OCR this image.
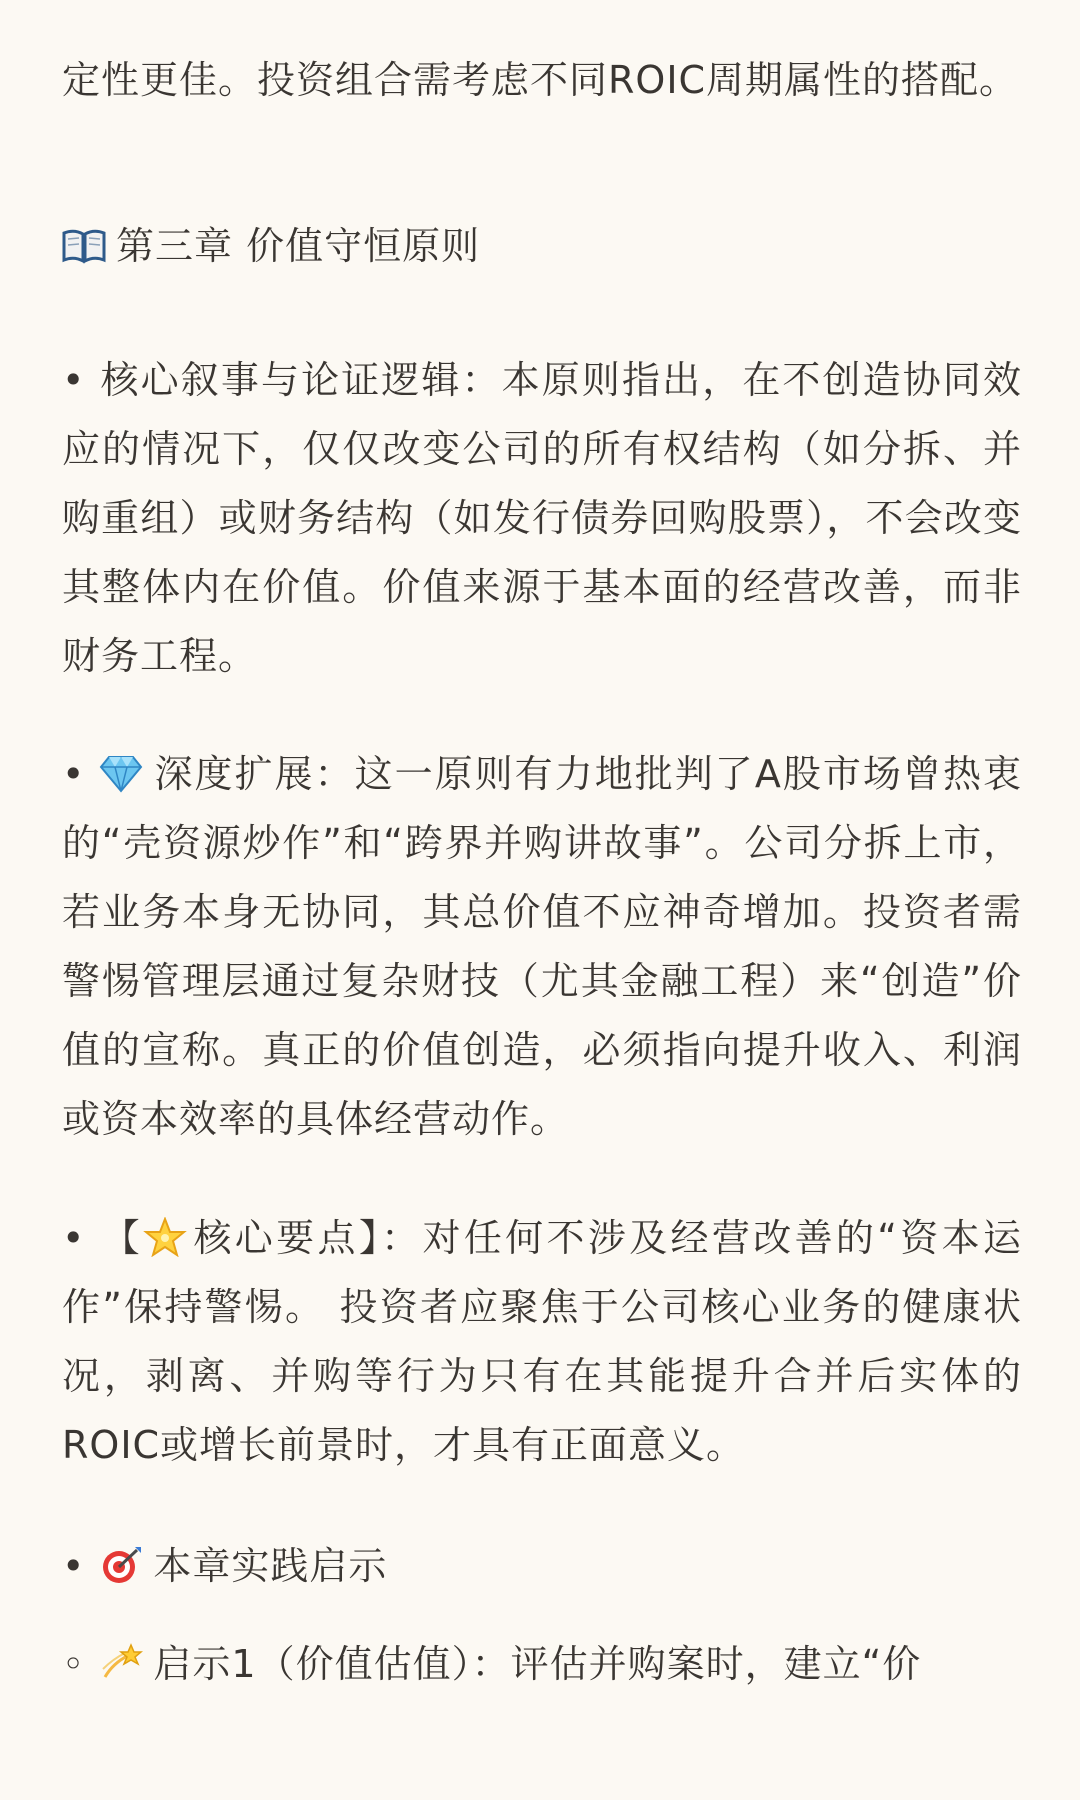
定性更佳。投资组合需考虑不同ROIC周期属性的搭配。

第三章 价值守恒原则

• 核心叙事与论证逻辑：本原则指出，在不创造协同效应的情况下，仅仅改变公司的所有权结构（如分拆、并购重组）或财务结构（如发行债券回购股票），不会改变其整体内在价值。价值来源于基本面的经营改善，而非财务工程。

• 深度扩展：这一原则有力地批判了A股市场曾热衷的“壳资源炒作”和“跨界并购讲故事”。公司分拆上市，若业务本身无协同，其总价值不应神奇增加。投资者需警惕管理层通过复杂财技（尤其金融工程）来“创造”价值的宣称。真正的价值创造，必须指向提升收入、利润或资本效率的具体经营动作。

• 【 核心要点】：对任何不涉及经营改善的“资本运作”保持警惕。 投资者应聚焦于公司核心业务的健康状况，剥离、并购等行为只有在其能提升合并后实体的ROIC或增长前景时，才具有正面意义。

• 本章实践启示

◦ 启示1（价值估值）：评估并购案时，建立“价
